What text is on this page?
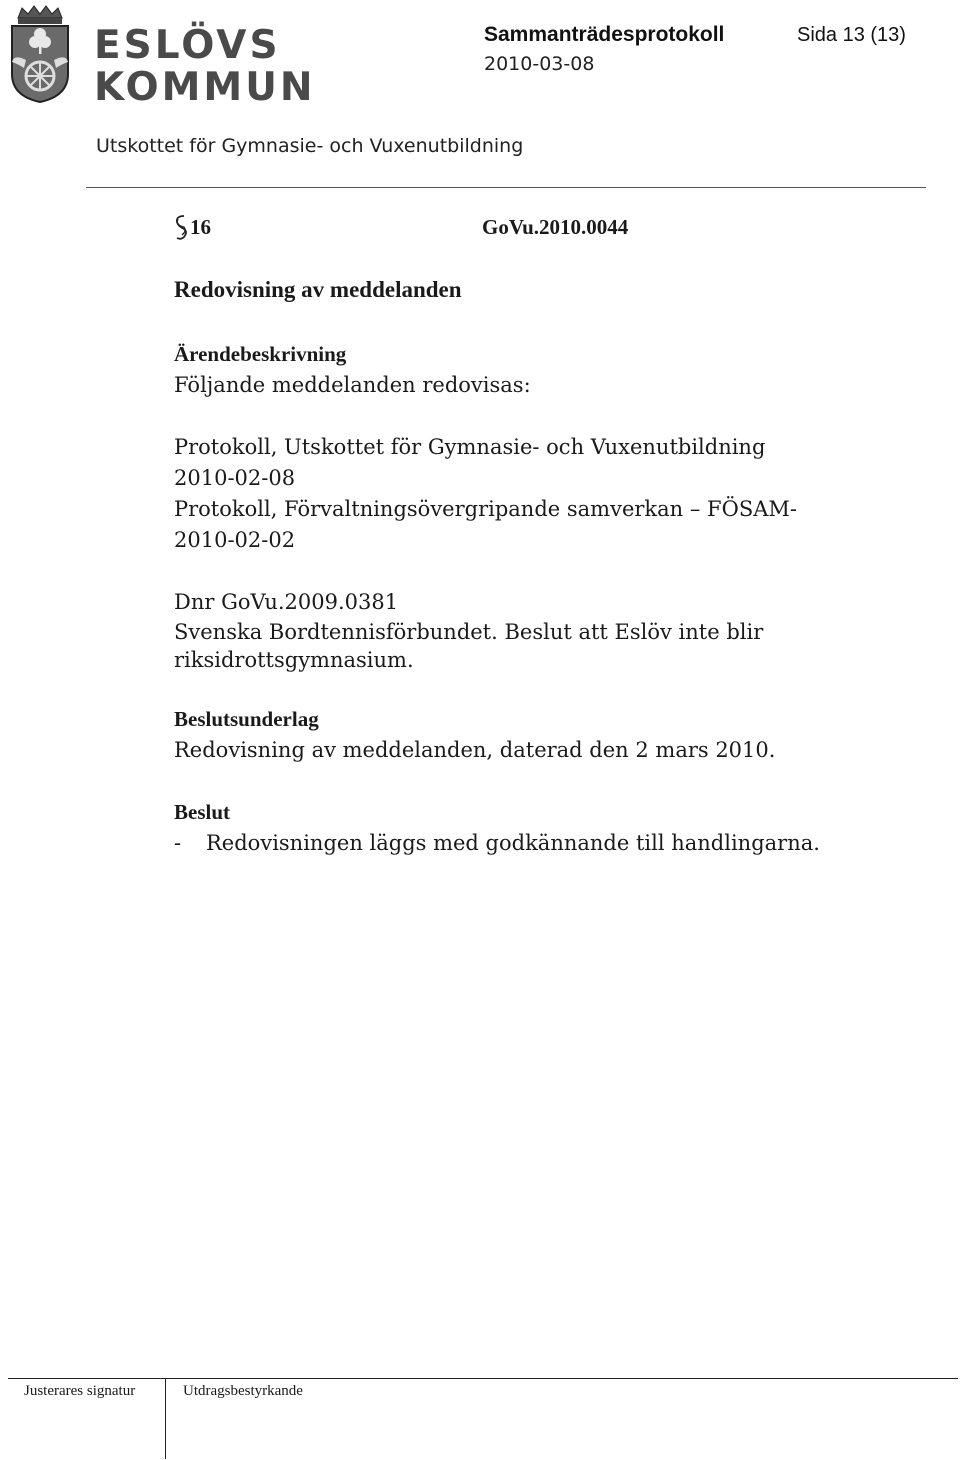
ESLÖVS
KOMMUN
Sammanträdesprotokoll	Sida 13 (13)
2010-03-08
Utskottet för Gymnasie- och Vuxenutbildning
16	GoVu.2010.0044
Redovisning av meddelanden
Ärendebeskrivning
Följande meddelanden redovisas:
Protokoll, Utskottet för Gymnasie- och Vuxenutbildning
2010-02-08
Protokoll, Förvaltningsövergripande samverkan – FÖSAM-
2010-02-02
Dnr GoVu.2009.0381
Svenska Bordtennisförbundet. Beslut att Eslöv inte blir
riksidrottsgymnasium.
Beslutsunderlag
Redovisning av meddelanden, daterad den 2 mars 2010.
Beslut
- Redovisningen läggs med godkännande till handlingarna.
Justerares signatur	Utdragsbestyrkande
